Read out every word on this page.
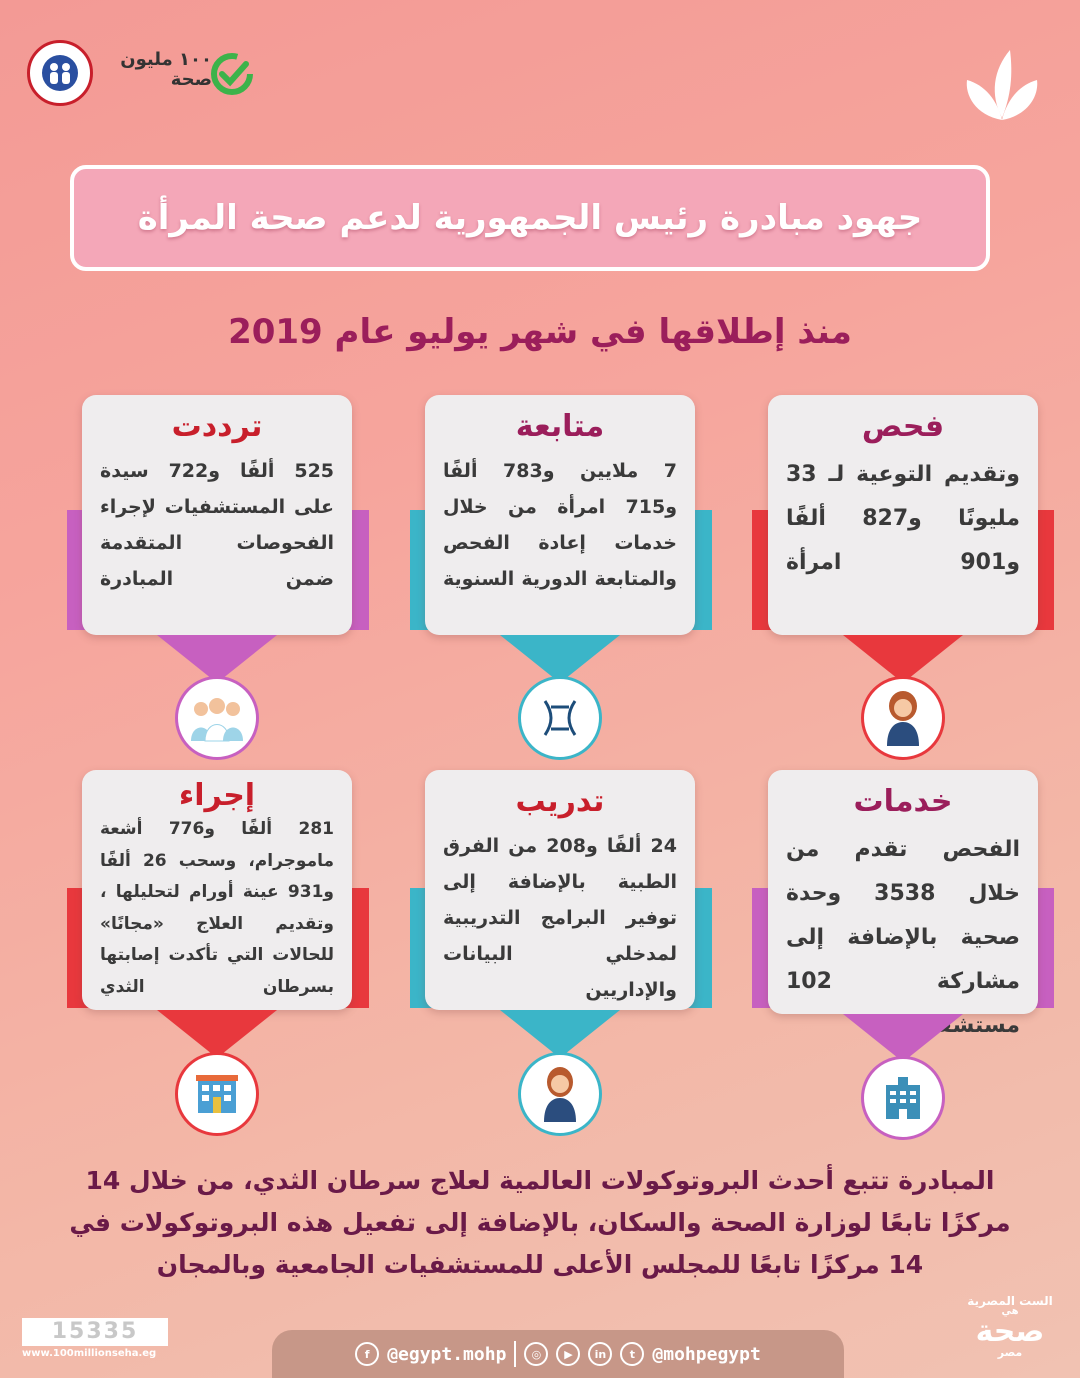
١٠٠ مليون
صحة
جهود مبادرة رئيس الجمهورية لدعم صحة المرأة
منذ إطلاقها في شهر يوليو عام 2019
فحص
وتقديم التوعية لـ 33 مليونًا و827 ألفًا و901 امرأة
متابعة
7 ملايين و783 ألفًا و715 امرأة من خلال خدمات إعادة الفحص والمتابعة الدورية السنوية
ترددت
525 ألفًا و722 سيدة على المستشفيات لإجراء الفحوصات المتقدمة ضمن المبادرة
خدمات
الفحص تقدم من خلال 3538 وحدة صحية بالإضافة إلى مشاركة 102 مستشفى
تدريب
24 ألفًا و208 من الفرق الطبية بالإضافة إلى توفير البرامج التدريبية لمدخلي البيانات والإداريين
إجراء
281 ألفًا و776 أشعة ماموجرام، وسحب 26 ألفًا و931 عينة أورام لتحليلها ، وتقديم العلاج «مجانًا» للحالات التي تأكدت إصابتها بسرطان الثدي
المبادرة تتبع أحدث البروتوكولات العالمية لعلاج سرطان الثدي، من خلال 14 مركزًا تابعًا لوزارة الصحة والسكان، بالإضافة إلى تفعيل هذه البروتوكولات في 14 مركزًا تابعًا للمجلس الأعلى للمستشفيات الجامعية وبالمجان
15335
www.100millionseha.eg	f @egypt.mohp	◎	▶	in	t @mohpegypt
الست المصرية
هي
صحة
مصر
